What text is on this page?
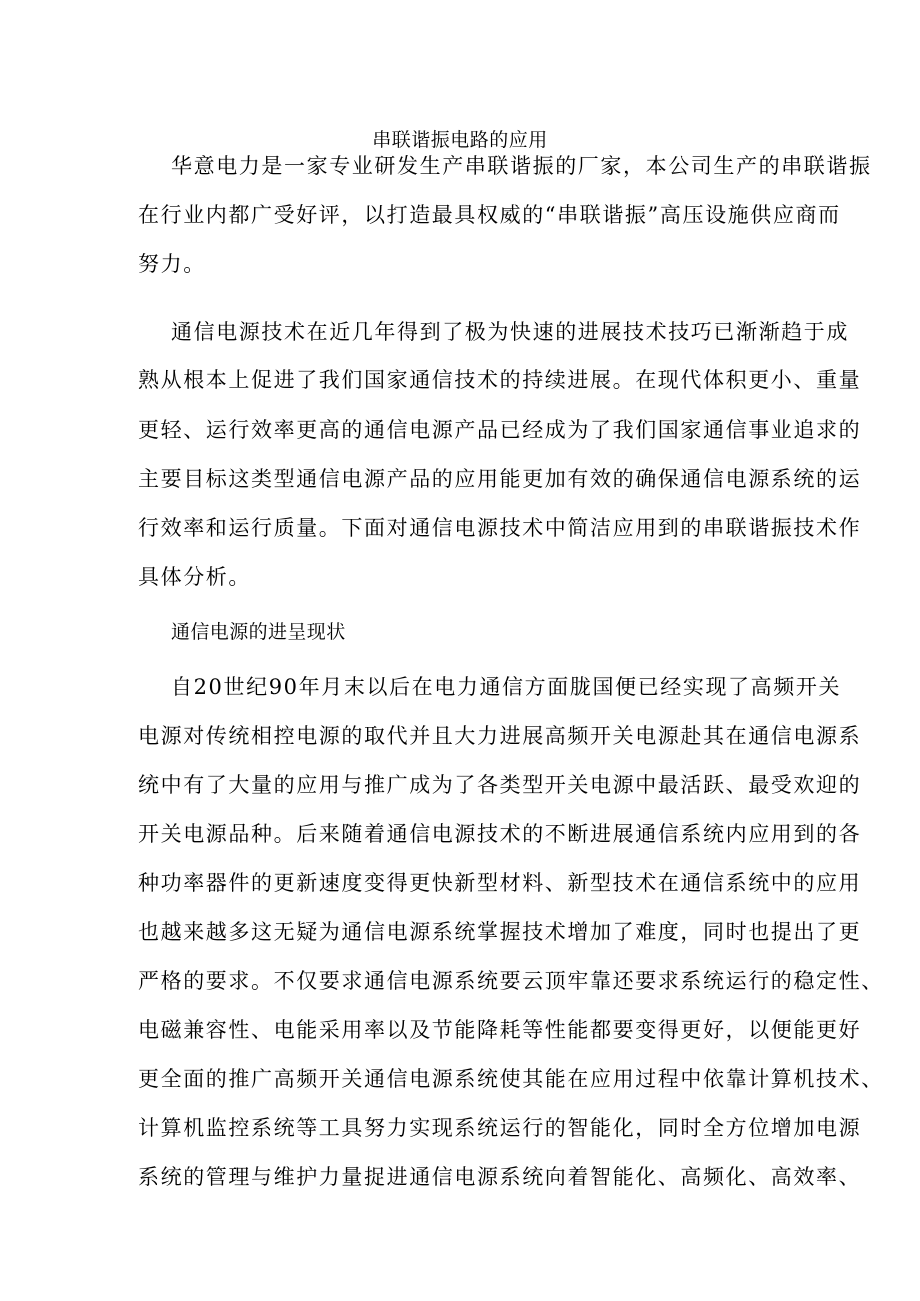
串联谐振电路的应用
华意电力是一家专业研发生产串联谐振的厂家，本公司生产的串联谐振
在行业内都广受好评，以打造最具权威的“串联谐振”高压设施供应商而
努力。
通信电源技术在近几年得到了极为快速的进展技术技巧已渐渐趋于成
熟从根本上促进了我们国家通信技术的持续进展。在现代体积更小、重量
更轻、运行效率更高的通信电源产品已经成为了我们国家通信事业追求的
主要目标这类型通信电源产品的应用能更加有效的确保通信电源系统的运
行效率和运行质量。下面对通信电源技术中简洁应用到的串联谐振技术作
具体分析。
通信电源的进呈现状
自20世纪90年月末以后在电力通信方面胧国便已经实现了高频开关
电源对传统相控电源的取代并且大力进展高频开关电源赴其在通信电源系
统中有了大量的应用与推广成为了各类型开关电源中最活跃、最受欢迎的
开关电源品种。后来随着通信电源技术的不断进展通信系统内应用到的各
种功率器件的更新速度变得更快新型材料、新型技术在通信系统中的应用
也越来越多这无疑为通信电源系统掌握技术增加了难度，同时也提出了更
严格的要求。不仅要求通信电源系统要云顶牢靠还要求系统运行的稳定性、
电磁兼容性、电能采用率以及节能降耗等性能都要变得更好，以便能更好
更全面的推广高频开关通信电源系统使其能在应用过程中依靠计算机技术、
计算机监控系统等工具努力实现系统运行的智能化，同时全方位增加电源
系统的管理与维护力量捉进通信电源系统向着智能化、高频化、高效率、
